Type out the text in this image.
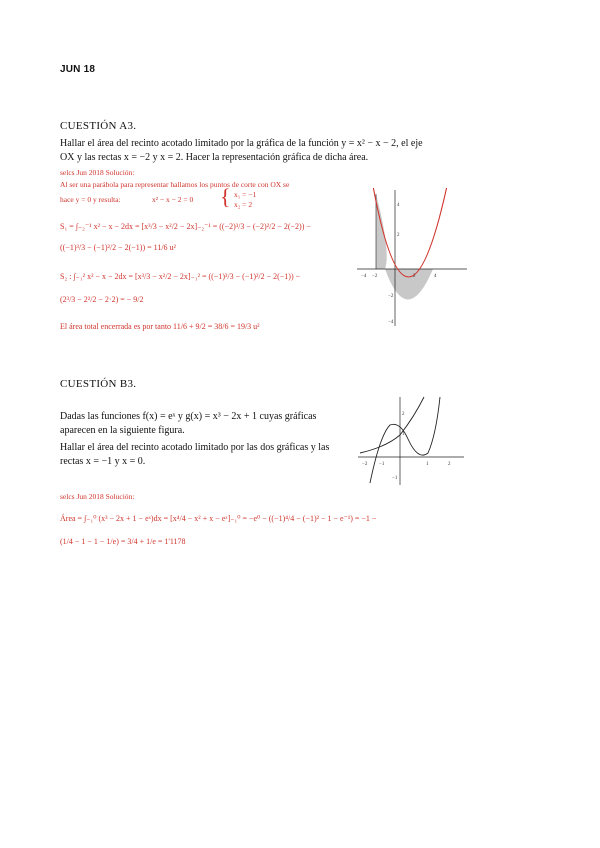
JUN 18
CUESTIÓN A3.
Hallar el área del recinto acotado limitado por la gráfica de la función y = x² − x − 2, el eje
OX y las rectas x = −2 y x = 2. Hacer la representación gráfica de dicha área.
selcs Jun 2018 Solución:
Al ser una parábola para representar hallamos los puntos de corte con OX se
hace y = 0 y resulta:	x² − x − 2 = 0 { x₁ = −1
x₂ = 2
S₁ = ∫₋₂⁻¹ x² − x − 2dx = [x³/3 − x²/2 − 2x]₋₂⁻¹ = ((−2)³/3 − (−2)²/2 − 2(−2)) −
((−1)³/3 − (−1)²/2 − 2(−1)) = 11/6 u²
S₂ : ∫₋₁² x² − x − 2dx = [x³/3 − x²/2 − 2x]₋₁² = ((−1)³/3 − (−1)²/2 − 2(−1)) −
(2³/3 − 2²/2 − 2·2) = − 9/2
El área total encerrada es por tanto 11/6 + 9/2 = 38/6 = 19/3 u²
−4 −2	2	4
4
2
−2
−4
CUESTIÓN B3.
Dadas las funciones f(x) = eˣ y g(x) = x³ − 2x + 1 cuyas gráficas
aparecen en la siguiente figura.
Hallar el área del recinto acotado limitado por las dos gráficas y las
rectas x = −1 y x = 0.	−2 −1	1	2
2
1
−1
selcs Jun 2018 Solución:
Área = ∫₋₁⁰ (x³ − 2x + 1 − eˣ)dx = [x⁴/4 − x² + x − eˣ]₋₁⁰ = −e⁰ − ((−1)⁴/4 − (−1)² − 1 − e⁻¹) = −1 −
(1/4 − 1 − 1 − 1/e) = 3/4 + 1/e = 1'1178
